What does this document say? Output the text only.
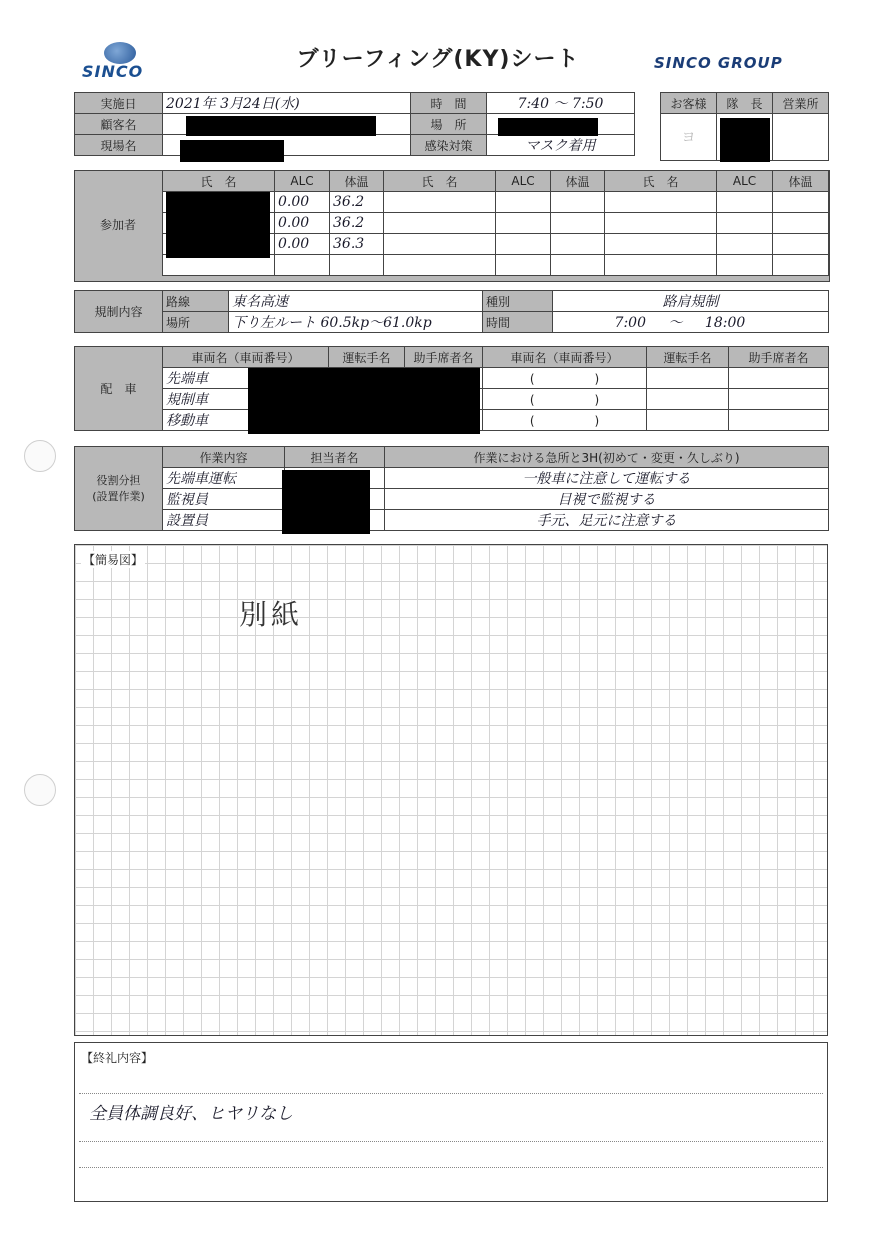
SINCO	ブリーフィング(KY)シート	SINCO GROUP
実施日	2021年 3月24日(水)	時　間	7:40 〜 7:50
顧客名		場　所	
現場名		感染対策	マスク着用
お客様	隊　長	営業所
ヨ		
参加者
氏　名	ALC	体温	氏　名	ALC	体温	氏　名	ALC	体温
	0.00	36.2						
	0.00	36.2						
	0.00	36.3						

規制内容	路線	東名高速	種別	路肩規制
	場所	下り左ルート 60.5kp〜61.0kp	時間	7:00 〜 18:00
配　車	車両名（車両番号）	運転手名	助手席者名	車両名（車両番号）	運転手名	助手席者名
	先端車			(　　　　　)		
	規制車			(　　　　　)		
	移動車			(　　　　　)		
役割分担
(設置作業)	作業内容	担当者名	作業における急所と3H(初めて・変更・久しぶり)
	先端車運転		一般車に注意して運転する
	監視員		目視で監視する
	設置員		手元、足元に注意する
【簡易図】
別紙
【終礼内容】
全員体調良好、ヒヤリなし
